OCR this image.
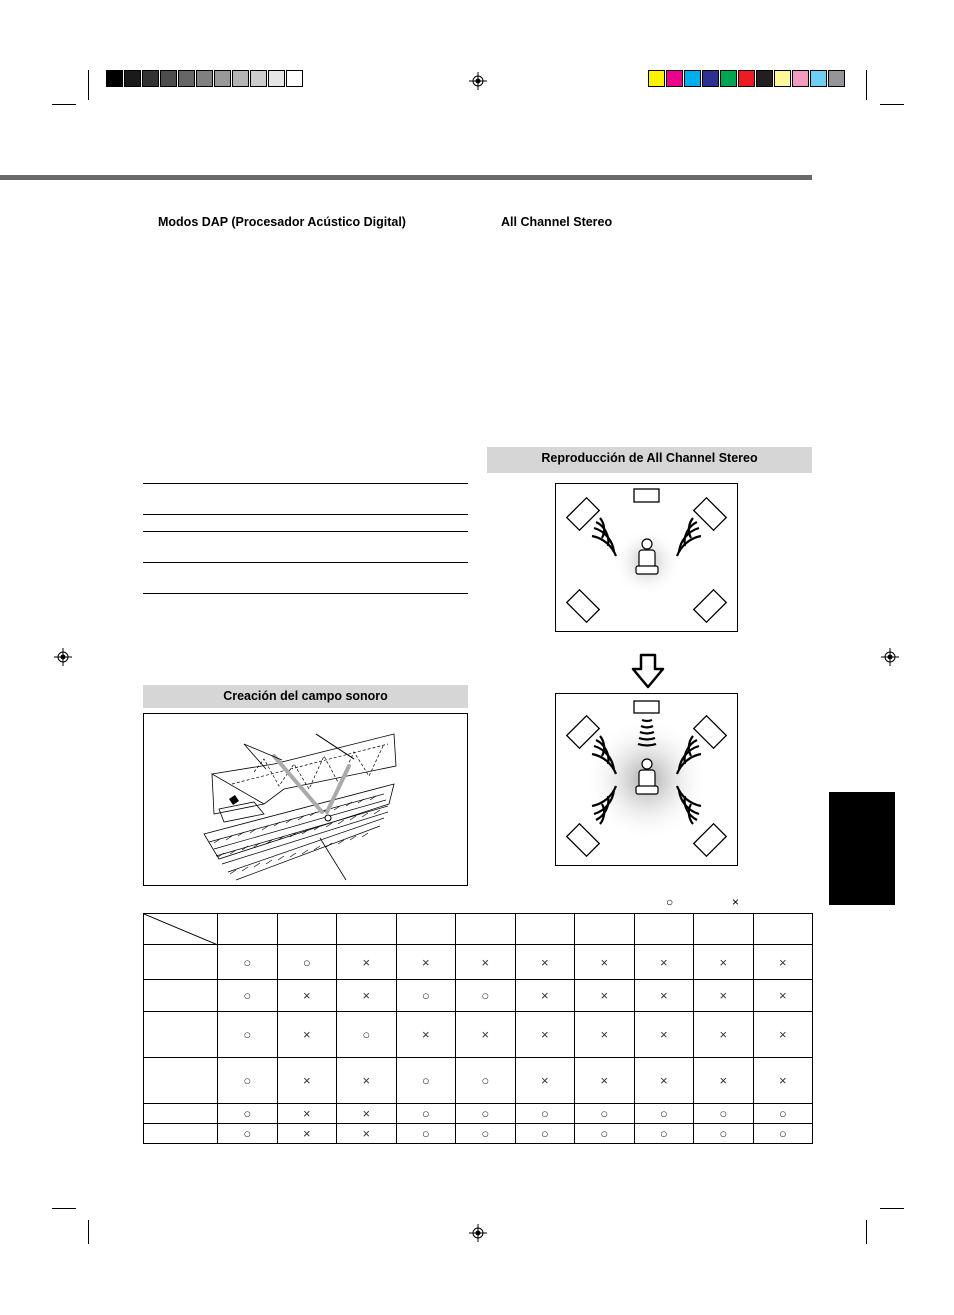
Modos DAP (Procesador Acústico Digital)	All Channel Stereo
Reproducción de All Channel Stereo
Creación del campo sonoro
○	×

	○	○	×	×	×	×	×	×	×	×
	○	×	×	○	○	×	×	×	×	×
	○	×	○	×	×	×	×	×	×	×
	○	×	×	○	○	×	×	×	×	×
	○	×	×	○	○	○	○	○	○	○
	○	×	×	○	○	○	○	○	○	○
